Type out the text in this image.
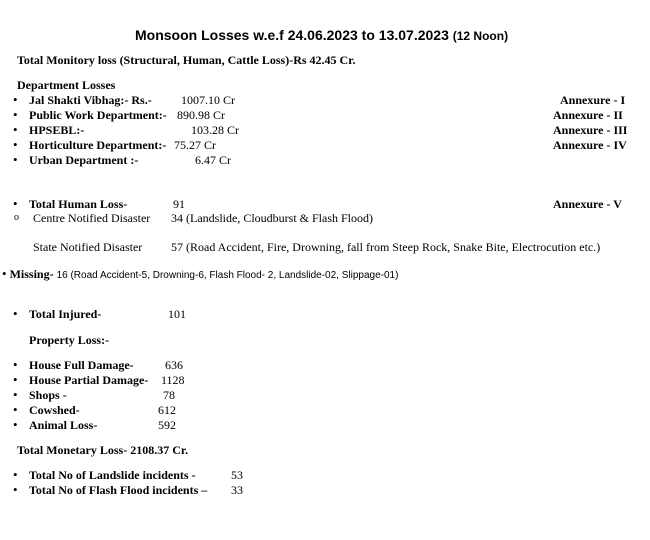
Monsoon Losses w.e.f 24.06.2023 to 13.07.2023 (12 Noon)
Total Monitory loss (Structural, Human, Cattle Loss)-Rs 42.45 Cr.
Department Losses
• Jal Shakti Vibhag:- Rs.- 1007.10 Cr	Annexure - I
• Public Work Department:- 890.98 Cr	Annexure - II
• HPSEBL:-	103.28 Cr	Annexure - III
• Horticulture Department:- 75.27 Cr	Annexure - IV
• Urban Department :-	6.47 Cr
• Total Human Loss-	91	Annexure - V
o Centre Notified Disaster 34 (Landslide, Cloudburst & Flash Flood)
State Notified Disaster 57 (Road Accident, Fire, Drowning, fall from Steep Rock, Snake Bite, Electrocution etc.)
• Missing- 16 (Road Accident-5, Drowning-6, Flash Flood- 2, Landslide-02, Slippage-01)
• Total Injured-	101
Property Loss:-
• House Full Damage-	636
• House Partial Damage- 1128
• Shops -	78
• Cowshed-	612
• Animal Loss-	592
Total Monetary Loss- 2108.37 Cr.
• Total No of Landslide incidents -	53
• Total No of Flash Flood incidents – 33
